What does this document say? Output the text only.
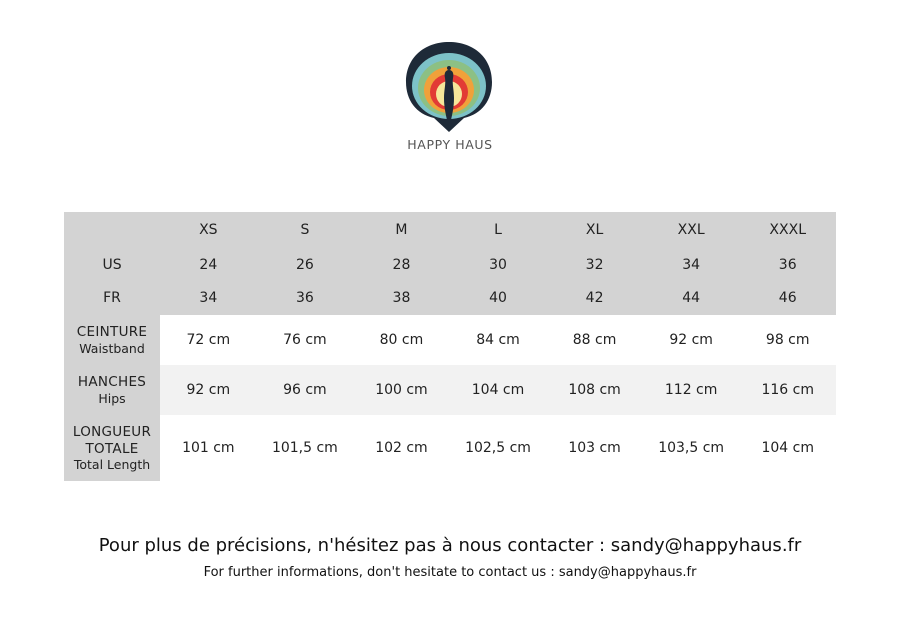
HAPPY HAUS
	XS	S	M	L	XL	XXL	XXXL
US	24	26	28	30	32	34	36
FR	34	36	38	40	42	44	46

CEINTURE
Waistband	72 cm	76 cm	80 cm	84 cm	88 cm	92 cm	98 cm

HANCHES
Hips	92 cm	96 cm	100 cm	104 cm	108 cm	112 cm	116 cm

LONGUEUR
TOTALE
Total Length	101 cm	101,5 cm	102 cm	102,5 cm	103 cm	103,5 cm	104 cm
Pour plus de précisions, n'hésitez pas à nous contacter : sandy@happyhaus.fr
For further informations, don't hesitate to contact us : sandy@happyhaus.fr
